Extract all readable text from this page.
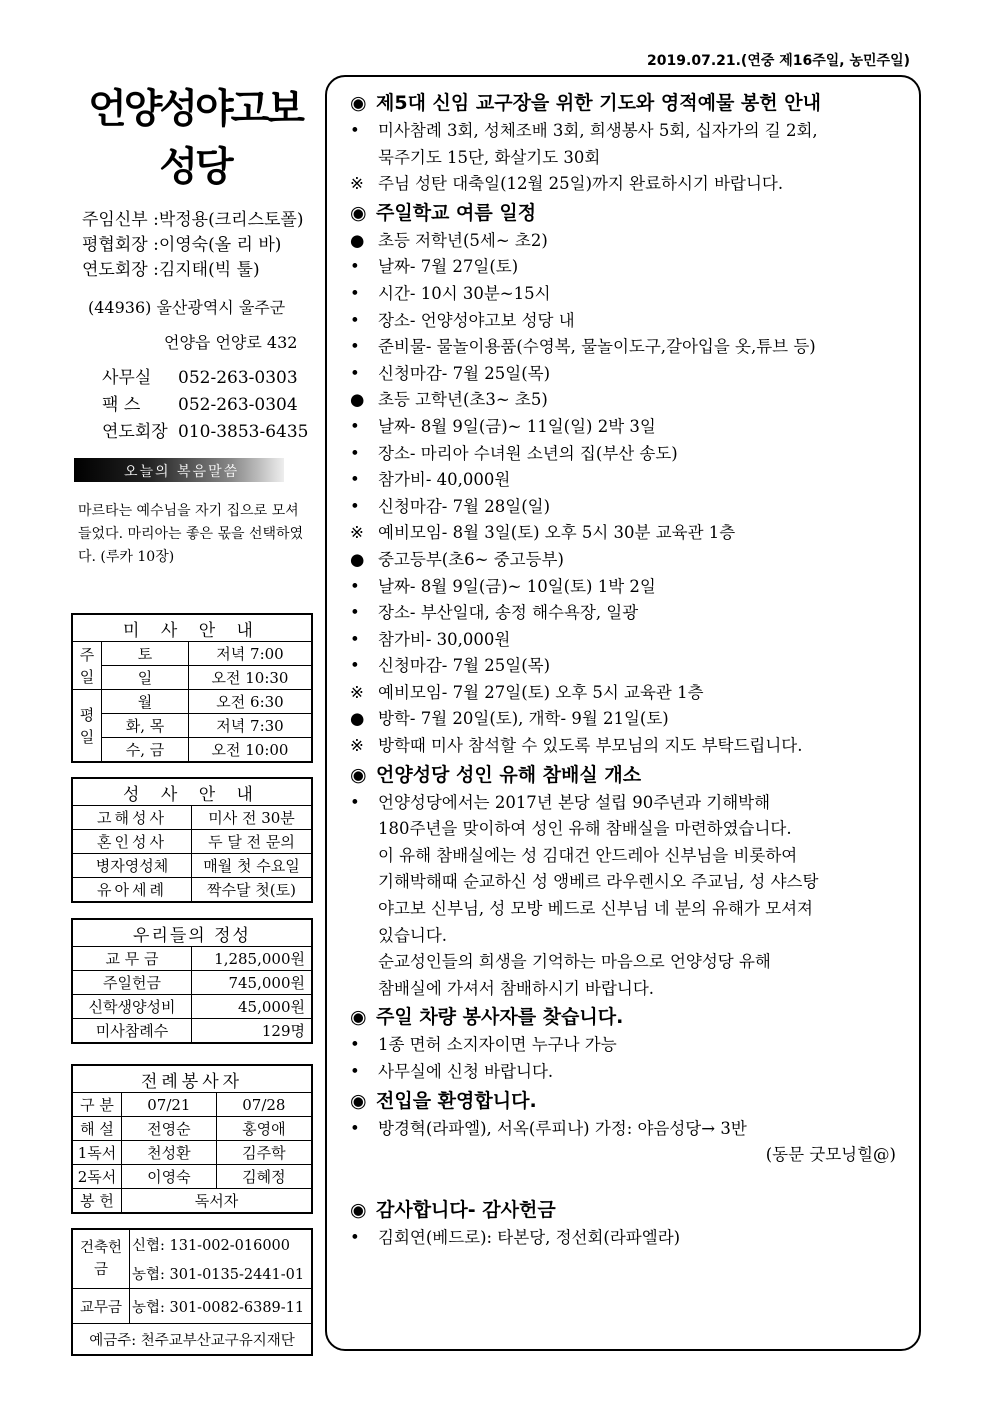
2019.07.21.(연중 제16주일, 농민주일)
언양성야고보
성당
주임신부 :박정용(크리스토폴)
평협회장 :이영숙(올 리 바)
연도회장 :김지태(빅 툴)
(44936) 울산광역시 울주군
언양읍 언양로 432
사무실 052-263-0303
팩 스 052-263-0304
연도회장 010-3853-6435
오늘의 복음말씀
마르타는 예수님을 자기 집으로 모셔 들었다. 마리아는 좋은 몫을 선택하였다. (루카 10장)
미 사 안 내		
주일	토	저녁 7:00
	일	오전 10:30
평일	월	오전 6:30
	화, 목	저녁 7:30
	수, 금	오전 10:00
성 사 안 내	
고해성사	미사 전 30분
혼인성사	두 달 전 문의
병자영성체	매월 첫 수요일
유아세례	짝수달 첫(토)
우리들의 정성	
교 무 금	1,285,000원
주일헌금	745,000원
신학생양성비	45,000원
미사참례수	129명
전례봉사자		
구 분	07/21	07/28
해 설	전영순	홍영애
1독서	천성환	김주학
2독서	이영숙	김혜정
봉 헌	독서자	
건축헌금	신협: 131-002-016000
	농협: 301-0135-2441-01
교무금	농협: 301-0082-6389-11
예금주: 천주교부산교구유지재단	
◉ 제5대 신임 교구장을 위한 기도와 영적예물 봉헌 안내
• 미사참례 3회, 성체조배 3회, 희생봉사 5회, 십자가의 길 2회,
묵주기도 15단, 화살기도 30회
※ 주님 성탄 대축일(12월 25일)까지 완료하시기 바랍니다.
◉ 주일학교 여름 일정
● 초등 저학년(5세~ 초2)
• 날짜- 7월 27일(토)
• 시간- 10시 30분~15시
• 장소- 언양성야고보 성당 내
• 준비물- 물놀이용품(수영복, 물놀이도구,갈아입을 옷,튜브 등)
• 신청마감- 7월 25일(목)
● 초등 고학년(초3~ 초5)
• 날짜- 8월 9일(금)~ 11일(일) 2박 3일
• 장소- 마리아 수녀원 소년의 집(부산 송도)
• 참가비- 40,000원
• 신청마감- 7월 28일(일)
※ 예비모임- 8월 3일(토) 오후 5시 30분 교육관 1층
● 중고등부(초6~ 중고등부)
• 날짜- 8월 9일(금)~ 10일(토) 1박 2일
• 장소- 부산일대, 송정 해수욕장, 일광
• 참가비- 30,000원
• 신청마감- 7월 25일(목)
※ 예비모임- 7월 27일(토) 오후 5시 교육관 1층
● 방학- 7월 20일(토), 개학- 9월 21일(토)
※ 방학때 미사 참석할 수 있도록 부모님의 지도 부탁드립니다.
◉ 언양성당 성인 유해 참배실 개소
• 언양성당에서는 2017년 본당 설립 90주년과 기해박해
180주년을 맞이하여 성인 유해 참배실을 마련하였습니다.
이 유해 참배실에는 성 김대건 안드레아 신부님을 비롯하여
기해박해때 순교하신 성 앵베르 라우렌시오 주교님, 성 샤스탕
야고보 신부님, 성 모방 베드로 신부님 네 분의 유해가 모셔져
있습니다.
순교성인들의 희생을 기억하는 마음으로 언양성당 유해
참배실에 가셔서 참배하시기 바랍니다.
◉ 주일 차량 봉사자를 찾습니다.
• 1종 면허 소지자이면 누구나 가능
• 사무실에 신청 바랍니다.
◉ 전입을 환영합니다.
• 방경혁(라파엘), 서옥(루피나) 가정: 야음성당→ 3반
(동문 굿모닝힐@)
◉ 감사합니다- 감사헌금
• 김회연(베드로): 타본당, 정선회(라파엘라)
